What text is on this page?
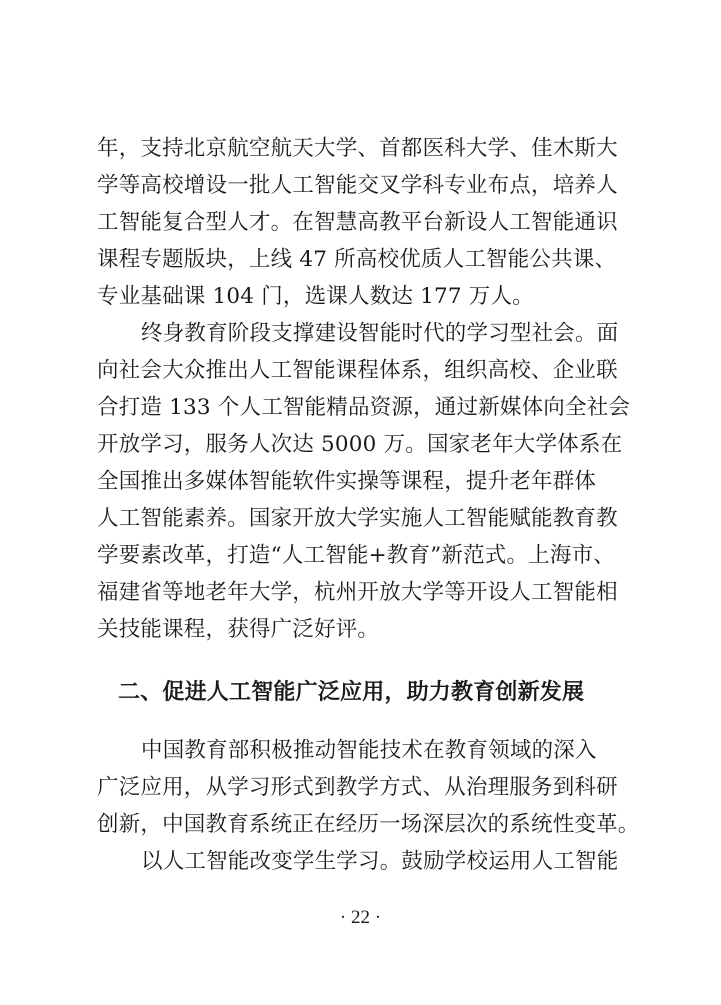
年，支持北京航空航天大学、首都医科大学、佳木斯大
学等高校增设一批人工智能交叉学科专业布点，培养人
工智能复合型人才。在智慧高教平台新设人工智能通识
课程专题版块，上线 47 所高校优质人工智能公共课、
专业基础课 104 门，选课人数达 177 万人。
终身教育阶段支撑建设智能时代的学习型社会。面
向社会大众推出人工智能课程体系，组织高校、企业联
合打造 133 个人工智能精品资源，通过新媒体向全社会
开放学习，服务人次达 5000 万。国家老年大学体系在
全国推出多媒体智能软件实操等课程，提升老年群体
人工智能素养。国家开放大学实施人工智能赋能教育教
学要素改革，打造“人工智能+教育”新范式。上海市、
福建省等地老年大学，杭州开放大学等开设人工智能相
关技能课程，获得广泛好评。
二、促进人工智能广泛应用，助力教育创新发展
中国教育部积极推动智能技术在教育领域的深入
广泛应用，从学习形式到教学方式、从治理服务到科研
创新，中国教育系统正在经历一场深层次的系统性变革。
以人工智能改变学生学习。鼓励学校运用人工智能
· 22 ·
